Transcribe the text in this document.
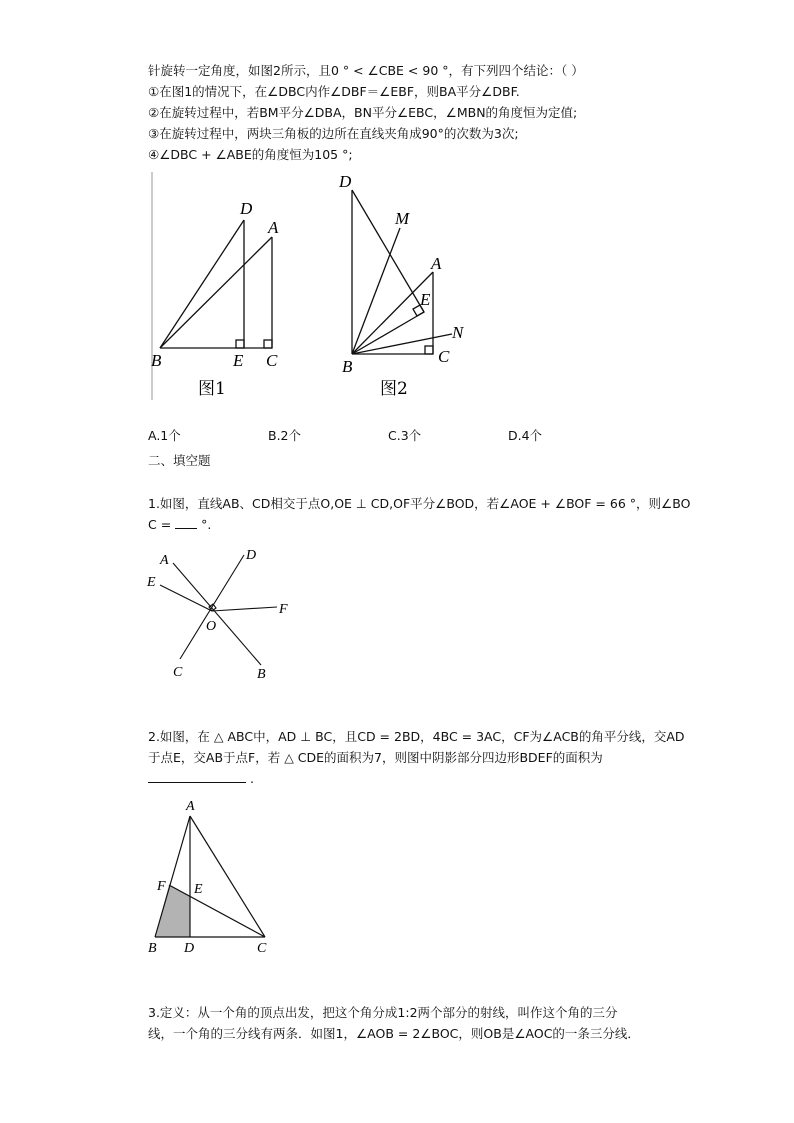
针旋转一定角度，如图2所示，且0 ° < ∠CBE < 90 °，有下列四个结论：（ ）
①在图1的情况下，在∠DBC内作∠DBF＝∠EBF，则BA平分∠DBF.
②在旋转过程中，若BM平分∠DBA，BN平分∠EBC，∠MBN的角度恒为定值;
③在旋转过程中，两块三角板的边所在直线夹角成90°的次数为3次;
④∠DBC + ∠ABE的角度恒为105 °;
D
A
B	E C
图1
D
M
A
E
N
B
C
图2
A.1个	B.2个	C.3个	D.4个
二、填空题
1.如图，直线AB、CD相交于点O,OE ⊥ CD,OF平分∠BOD，若∠AOE + ∠BOF = 66 °，则∠BO
C = °.
A	D
E
F
O
C	B
2.如图，在 △ ABC中，AD ⊥ BC，且CD = 2BD，4BC = 3AC，CF为∠ACB的角平分线，交AD
于点E，交AB于点F，若 △ CDE的面积为7，则图中阴影部分四边形BDEF的面积为
.
A
F E
B D	C
3.定义：从一个角的顶点出发，把这个角分成1:2两个部分的射线，叫作这个角的三分
线，一个角的三分线有两条．如图1，∠AOB = 2∠BOC，则OB是∠AOC的一条三分线．
